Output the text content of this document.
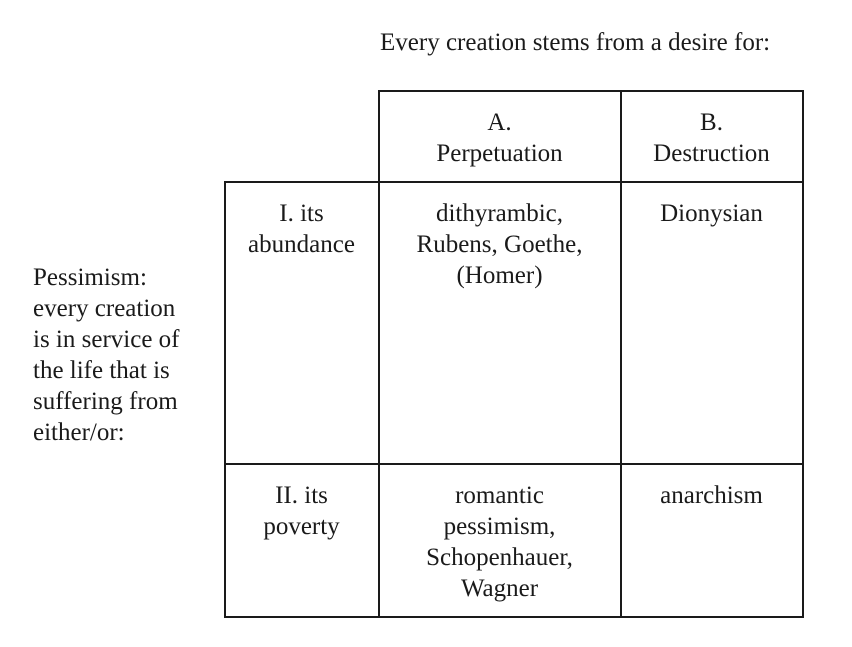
Every creation stems from a desire for:
Pessimism:
every creation
is in service of
the life that is
suffering from
either/or:
A.
Perpetuation
B.
Destruction
I. its
abundance
II. its
poverty
dithyrambic,
Rubens, Goethe,
(Homer)
Dionysian
romantic
pessimism,
Schopenhauer,
Wagner
anarchism
